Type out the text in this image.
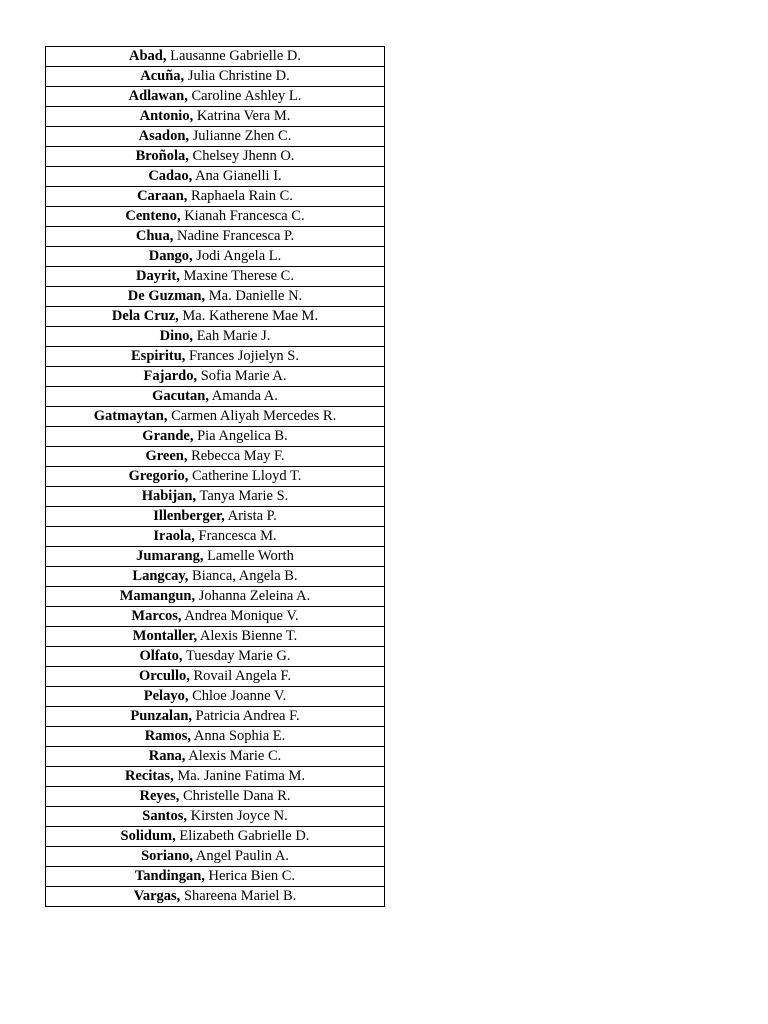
Abad, Lausanne Gabrielle D.
Acuña, Julia Christine D.
Adlawan, Caroline Ashley L.
Antonio, Katrina Vera M.
Asadon, Julianne Zhen C.
Broñola, Chelsey Jhenn O.
Cadao, Ana Gianelli I.
Caraan, Raphaela Rain C.
Centeno, Kianah Francesca C.
Chua, Nadine Francesca P.
Dango, Jodi Angela L.
Dayrit, Maxine Therese C.
De Guzman, Ma. Danielle N.
Dela Cruz, Ma. Katherene Mae M.
Dino, Eah Marie J.
Espiritu, Frances Jojielyn S.
Fajardo, Sofia Marie A.
Gacutan, Amanda A.
Gatmaytan, Carmen Aliyah Mercedes R.
Grande, Pia Angelica B.
Green, Rebecca May F.
Gregorio, Catherine Lloyd T.
Habijan, Tanya Marie S.
Illenberger, Arista P.
Iraola, Francesca M.
Jumarang, Lamelle Worth
Langcay, Bianca, Angela B.
Mamangun, Johanna Zeleina A.
Marcos, Andrea Monique V.
Montaller, Alexis Bienne T.
Olfato, Tuesday Marie G.
Orcullo, Rovail Angela F.
Pelayo, Chloe Joanne V.
Punzalan, Patricia Andrea F.
Ramos, Anna Sophia E.
Rana, Alexis Marie C.
Recitas, Ma. Janine Fatima M.
Reyes, Christelle Dana R.
Santos, Kirsten Joyce N.
Solidum, Elizabeth Gabrielle D.
Soriano, Angel Paulin A.
Tandingan, Herica Bien C.
Vargas, Shareena Mariel B.
